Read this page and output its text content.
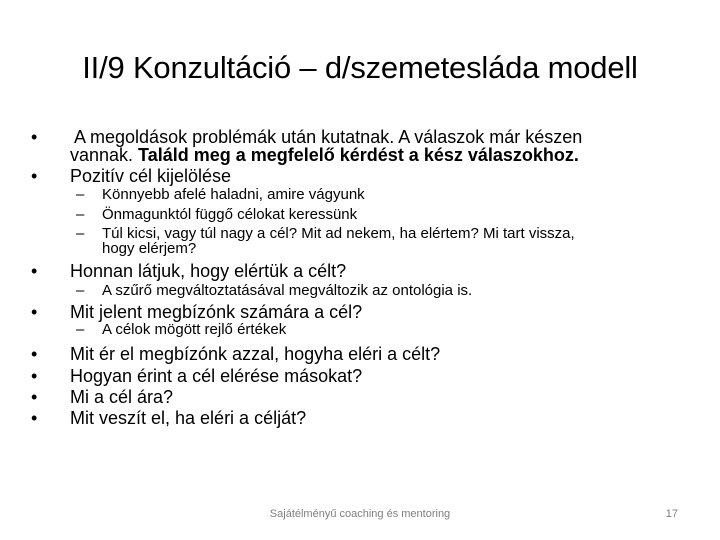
II/9 Konzultáció – d/szemetesláda modell
•	A megoldások problémák után kutatnak. A válaszok már készen
vannak. Találd meg a megfelelő kérdést a kész válaszokhoz.
•	Pozitív cél kijelölése
– Könnyebb afelé haladni, amire vágyunk
– Önmagunktól függő célokat keressünk
– Túl kicsi, vagy túl nagy a cél? Mit ad nekem, ha elértem? Mi tart vissza,
hogy elérjem?
•	Honnan látjuk, hogy elértük a célt?
– A szűrő megváltoztatásával megváltozik az ontológia is.
•	Mit jelent megbízónk számára a cél?
– A célok mögött rejlő értékek
•	Mit ér el megbízónk azzal, hogyha eléri a célt?
•	Hogyan érint a cél elérése másokat?
•	Mi a cél ára?
•	Mit veszít el, ha eléri a célját?
Sajátélményű coaching és mentoring	17
